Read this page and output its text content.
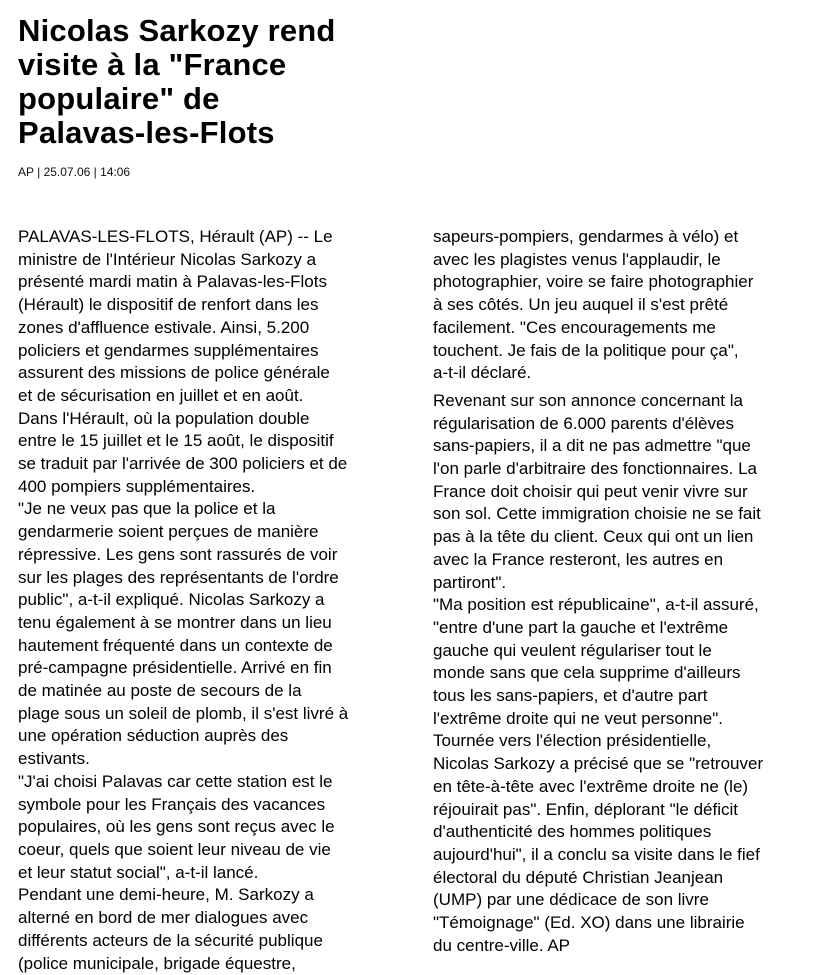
Nicolas Sarkozy rend
visite à la "France
populaire" de
Palavas-les-Flots
AP | 25.07.06 | 14:06

PALAVAS-LES-FLOTS, Hérault (AP) -- Le
ministre de l'Intérieur Nicolas Sarkozy a
présenté mardi matin à Palavas-les-Flots
(Hérault) le dispositif de renfort dans les
zones d'affluence estivale. Ainsi, 5.200
policiers et gendarmes supplémentaires
assurent des missions de police générale
et de sécurisation en juillet et en août.

Dans l'Hérault, où la population double
entre le 15 juillet et le 15 août, le dispositif
se traduit par l'arrivée de 300 policiers et de
400 pompiers supplémentaires.

"Je ne veux pas que la police et la
gendarmerie soient perçues de manière
répressive. Les gens sont rassurés de voir
sur les plages des représentants de l'ordre
public", a-t-il expliqué. Nicolas Sarkozy a
tenu également à se montrer dans un lieu
hautement fréquenté dans un contexte de
pré-campagne présidentielle. Arrivé en fin
de matinée au poste de secours de la
plage sous un soleil de plomb, il s'est livré à
une opération séduction auprès des
estivants.

"J'ai choisi Palavas car cette station est le
symbole pour les Français des vacances
populaires, où les gens sont reçus avec le
coeur, quels que soient leur niveau de vie
et leur statut social", a-t-il lancé.

Pendant une demi-heure, M. Sarkozy a
alterné en bord de mer dialogues avec
différents acteurs de la sécurité publique
(police municipale, brigade équestre,

sapeurs-pompiers, gendarmes à vélo) et
avec les plagistes venus l'applaudir, le
photographier, voire se faire photographier
à ses côtés. Un jeu auquel il s'est prêté
facilement. "Ces encouragements me
touchent. Je fais de la politique pour ça",
a-t-il déclaré.

Revenant sur son annonce concernant la
régularisation de 6.000 parents d'élèves
sans-papiers, il a dit ne pas admettre "que
l'on parle d'arbitraire des fonctionnaires. La
France doit choisir qui peut venir vivre sur
son sol. Cette immigration choisie ne se fait
pas à la tête du client. Ceux qui ont un lien
avec la France resteront, les autres en
partiront".

"Ma position est républicaine", a-t-il assuré,
"entre d'une part la gauche et l'extrême
gauche qui veulent régulariser tout le
monde sans que cela supprime d'ailleurs
tous les sans-papiers, et d'autre part
l'extrême droite qui ne veut personne".

Tournée vers l'élection présidentielle,
Nicolas Sarkozy a précisé que se "retrouver
en tête-à-tête avec l'extrême droite ne (le)
réjouirait pas". Enfin, déplorant "le déficit
d'authenticité des hommes politiques
aujourd'hui", il a conclu sa visite dans le fief
électoral du député Christian Jeanjean
(UMP) par une dédicace de son livre
"Témoignage" (Ed. XO) dans une librairie
du centre-ville. AP
